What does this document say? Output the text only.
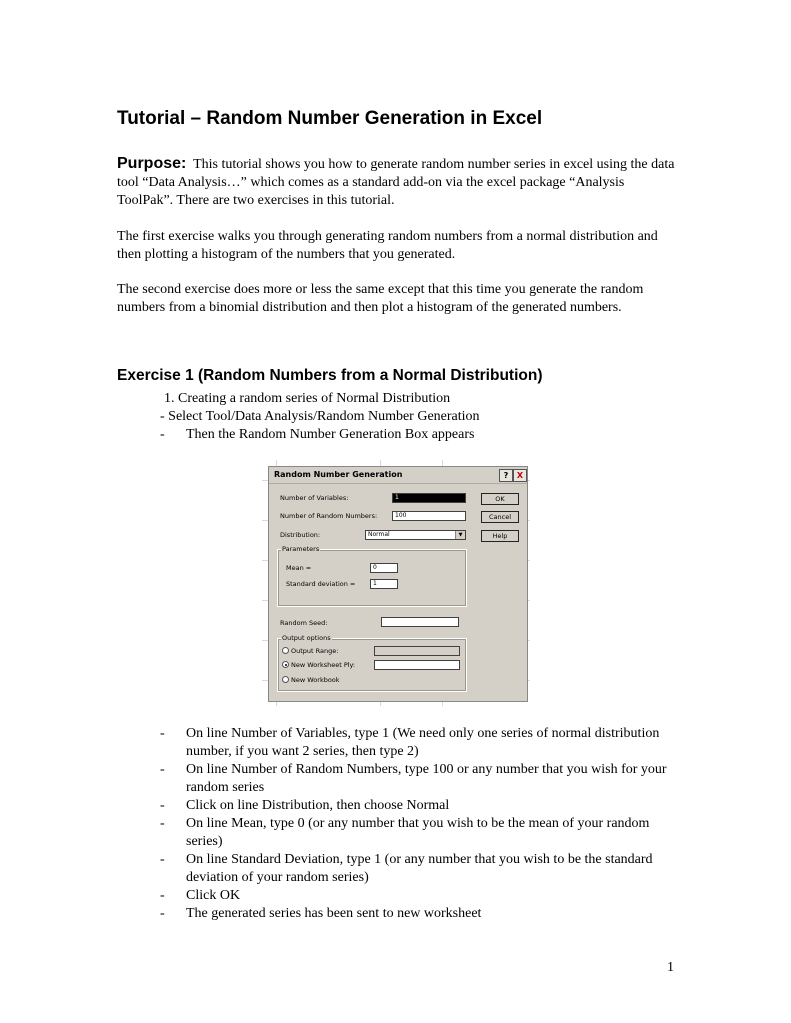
Tutorial – Random Number Generation in Excel
Purpose: This tutorial shows you how to generate random number series in excel using the data tool “Data Analysis…” which comes as a standard add-on via the excel package “Analysis ToolPak”. There are two exercises in this tutorial.
The first exercise walks you through generating random numbers from a normal distribution and then plotting a histogram of the numbers that you generated.
The second exercise does more or less the same except that this time you generate the random numbers from a binomial distribution and then plot a histogram of the generated numbers.
Exercise 1 (Random Numbers from a Normal Distribution)
1. Creating a random series of Normal Distribution
- Select Tool/Data Analysis/Random Number Generation
-	Then the Random Number Generation Box appears
Random Number Generation	?	X
Number of Variables:	1
Number of Random Numbers:	100
Distribution:	Normal	▼
Parameters
Mean =	0
Standard deviation =	1
Random Seed:
Output options
Output Range:
New Worksheet Ply:
New Workbook
OK
Cancel
Help
-	On line Number of Variables, type 1 (We need only one series of normal distribution number, if you want 2 series, then type 2)
-	On line Number of Random Numbers, type 100 or any number that you wish for your random series
-	Click on line Distribution, then choose Normal
-	On line Mean, type 0 (or any number that you wish to be the mean of your random series)
-	On line Standard Deviation, type 1 (or any number that you wish to be the standard deviation of your random series)
-	Click OK
-	The generated series has been sent to new worksheet
1
